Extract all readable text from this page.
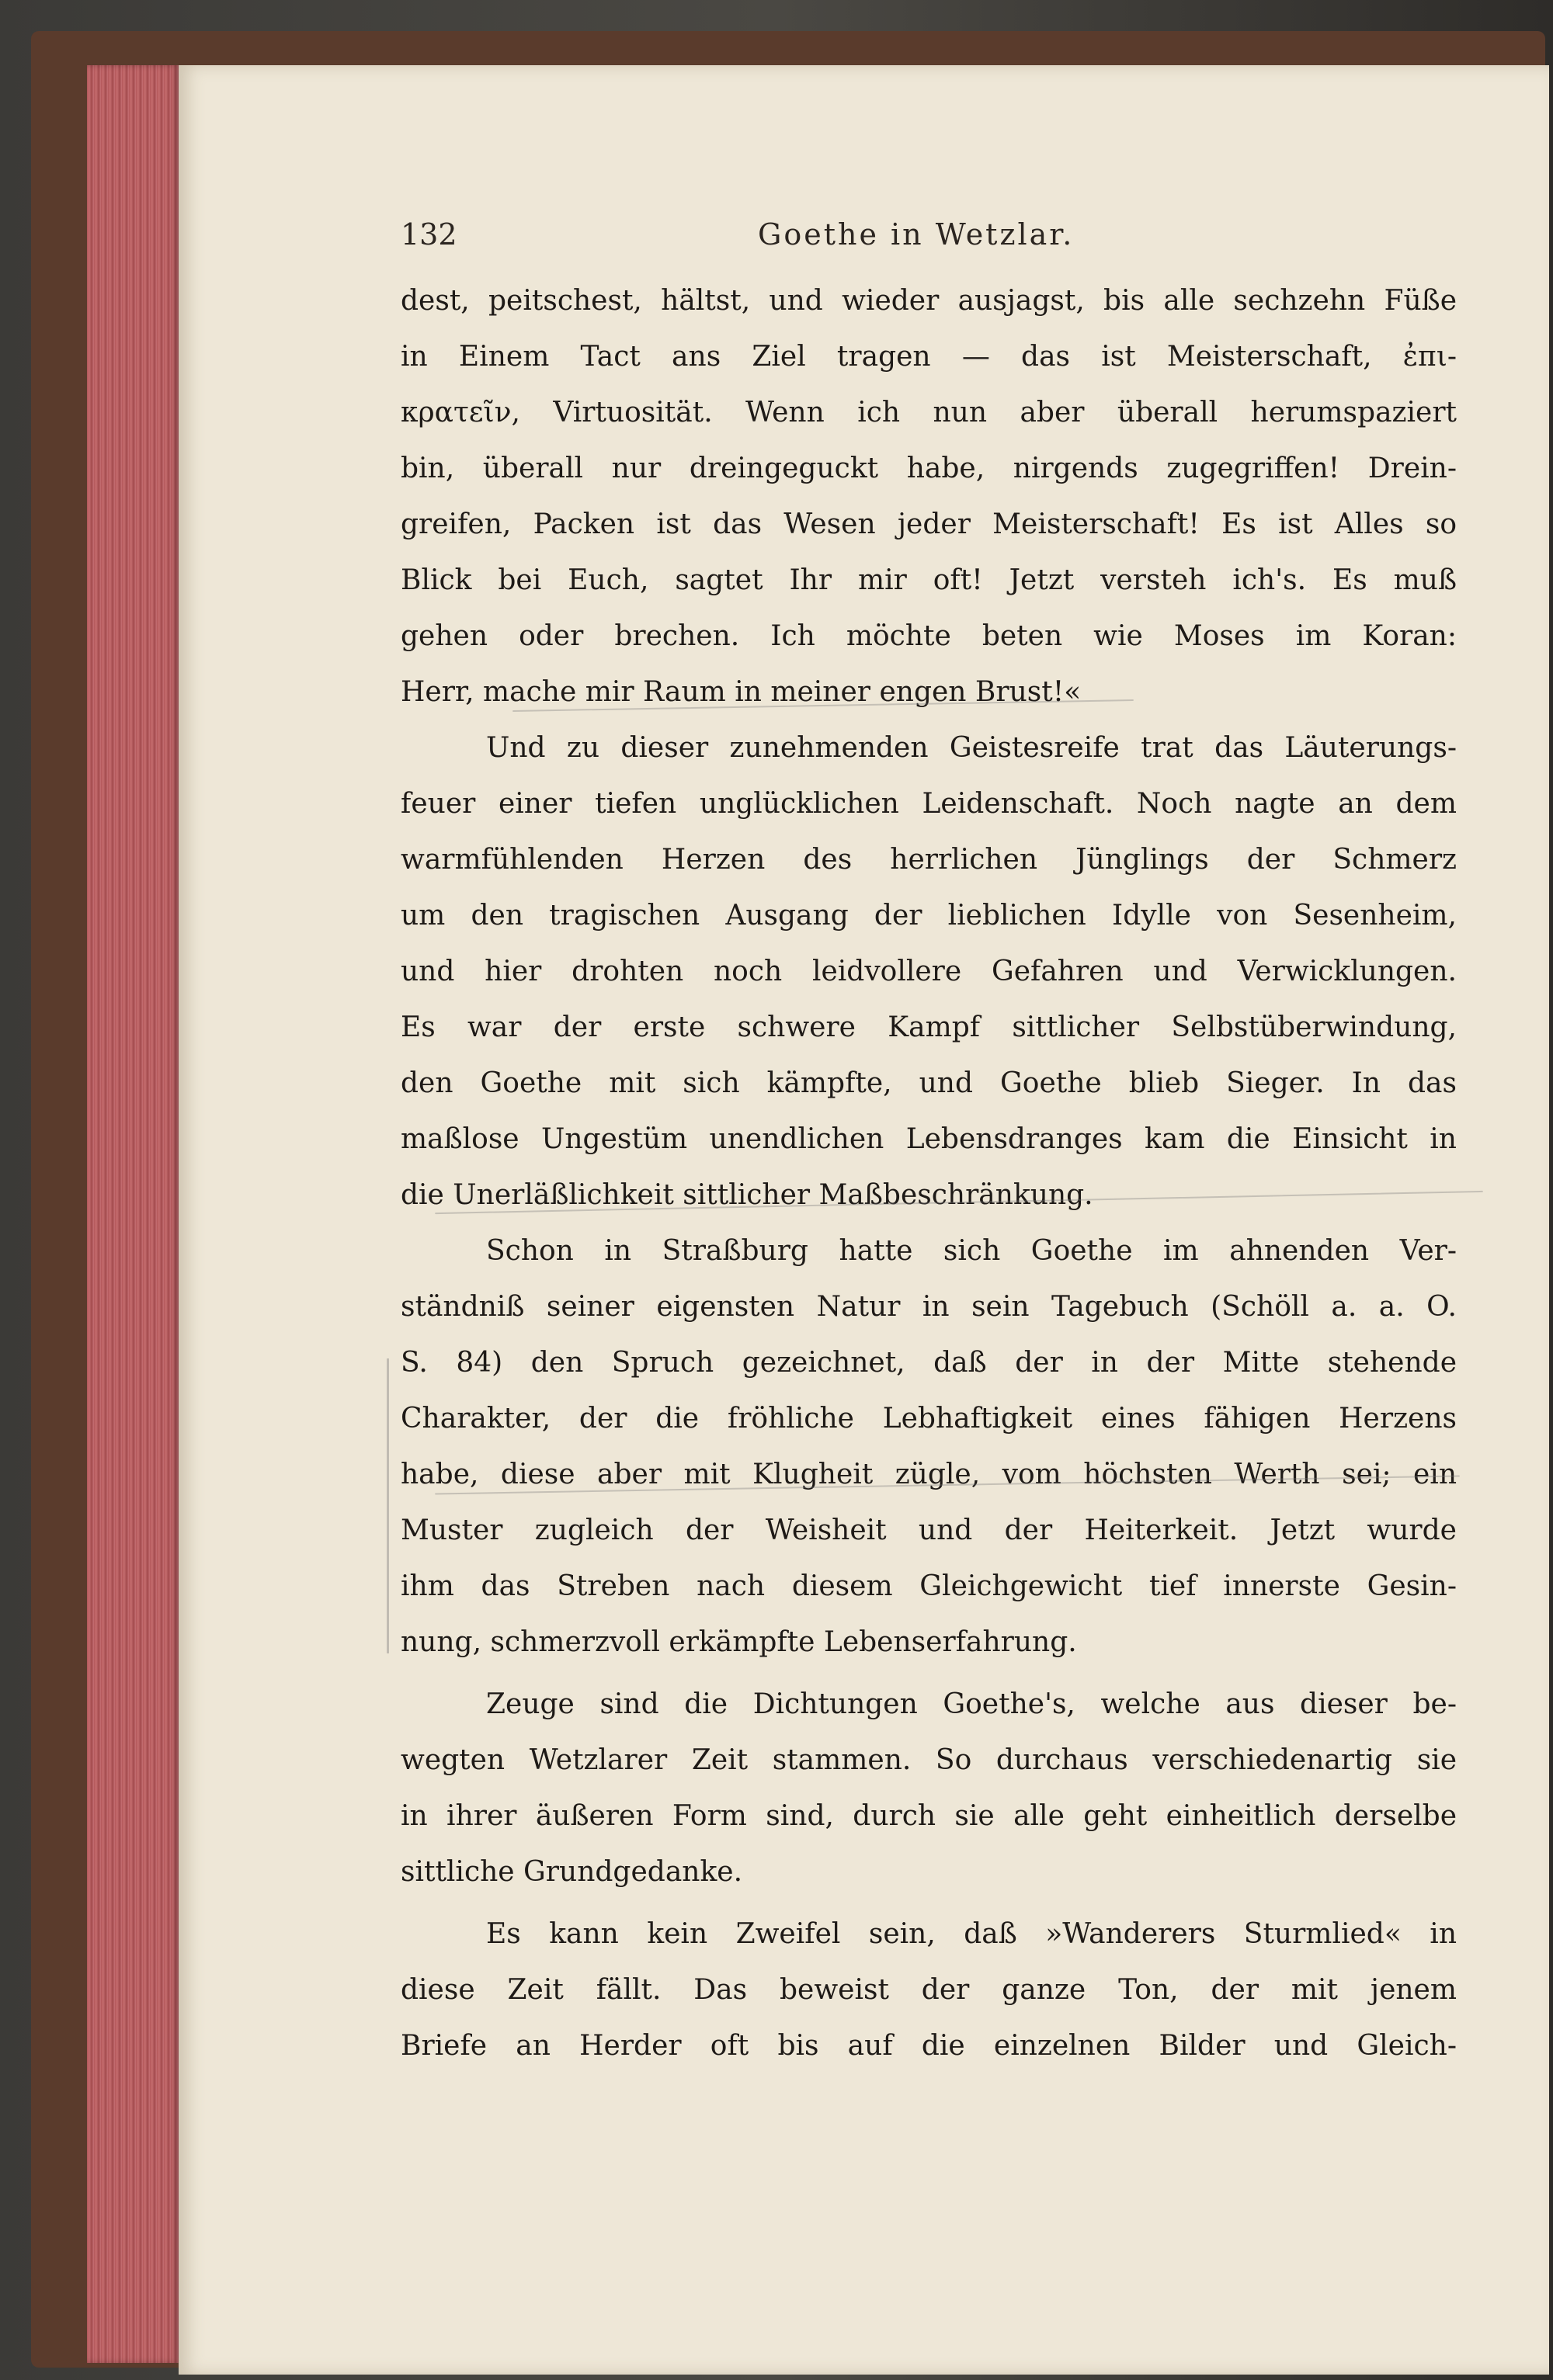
132	Goethe in Wetzlar.
dest, peitschest, hältst, und wieder ausjagst, bis alle sechzehn Füße
in Einem Tact ans Ziel tragen — das ist Meisterschaft, ἐπι-
κρατεῖν, Virtuosität. Wenn ich nun aber überall herumspaziert
bin, überall nur dreingeguckt habe, nirgends zugegriffen! Drein-
greifen, Packen ist das Wesen jeder Meisterschaft! Es ist Alles so
Blick bei Euch, sagtet Ihr mir oft! Jetzt versteh ich's. Es muß
gehen oder brechen. Ich möchte beten wie Moses im Koran:
Herr, mache mir Raum in meiner engen Brust!«
Und zu dieser zunehmenden Geistesreife trat das Läuterungs-
feuer einer tiefen unglücklichen Leidenschaft. Noch nagte an dem
warmfühlenden Herzen des herrlichen Jünglings der Schmerz
um den tragischen Ausgang der lieblichen Idylle von Sesenheim,
und hier drohten noch leidvollere Gefahren und Verwicklungen.
Es war der erste schwere Kampf sittlicher Selbstüberwindung,
den Goethe mit sich kämpfte, und Goethe blieb Sieger. In das
maßlose Ungestüm unendlichen Lebensdranges kam die Einsicht in
die Unerläßlichkeit sittlicher Maßbeschränkung.
Schon in Straßburg hatte sich Goethe im ahnenden Ver-
ständniß seiner eigensten Natur in sein Tagebuch (Schöll a. a. O.
S. 84) den Spruch gezeichnet, daß der in der Mitte stehende
Charakter, der die fröhliche Lebhaftigkeit eines fähigen Herzens
habe, diese aber mit Klugheit zügle, vom höchsten Werth sei; ein
Muster zugleich der Weisheit und der Heiterkeit. Jetzt wurde
ihm das Streben nach diesem Gleichgewicht tief innerste Gesin-
nung, schmerzvoll erkämpfte Lebenserfahrung.
Zeuge sind die Dichtungen Goethe's, welche aus dieser be-
wegten Wetzlarer Zeit stammen. So durchaus verschiedenartig sie
in ihrer äußeren Form sind, durch sie alle geht einheitlich derselbe
sittliche Grundgedanke.
Es kann kein Zweifel sein, daß »Wanderers Sturmlied« in
diese Zeit fällt. Das beweist der ganze Ton, der mit jenem
Briefe an Herder oft bis auf die einzelnen Bilder und Gleich-
